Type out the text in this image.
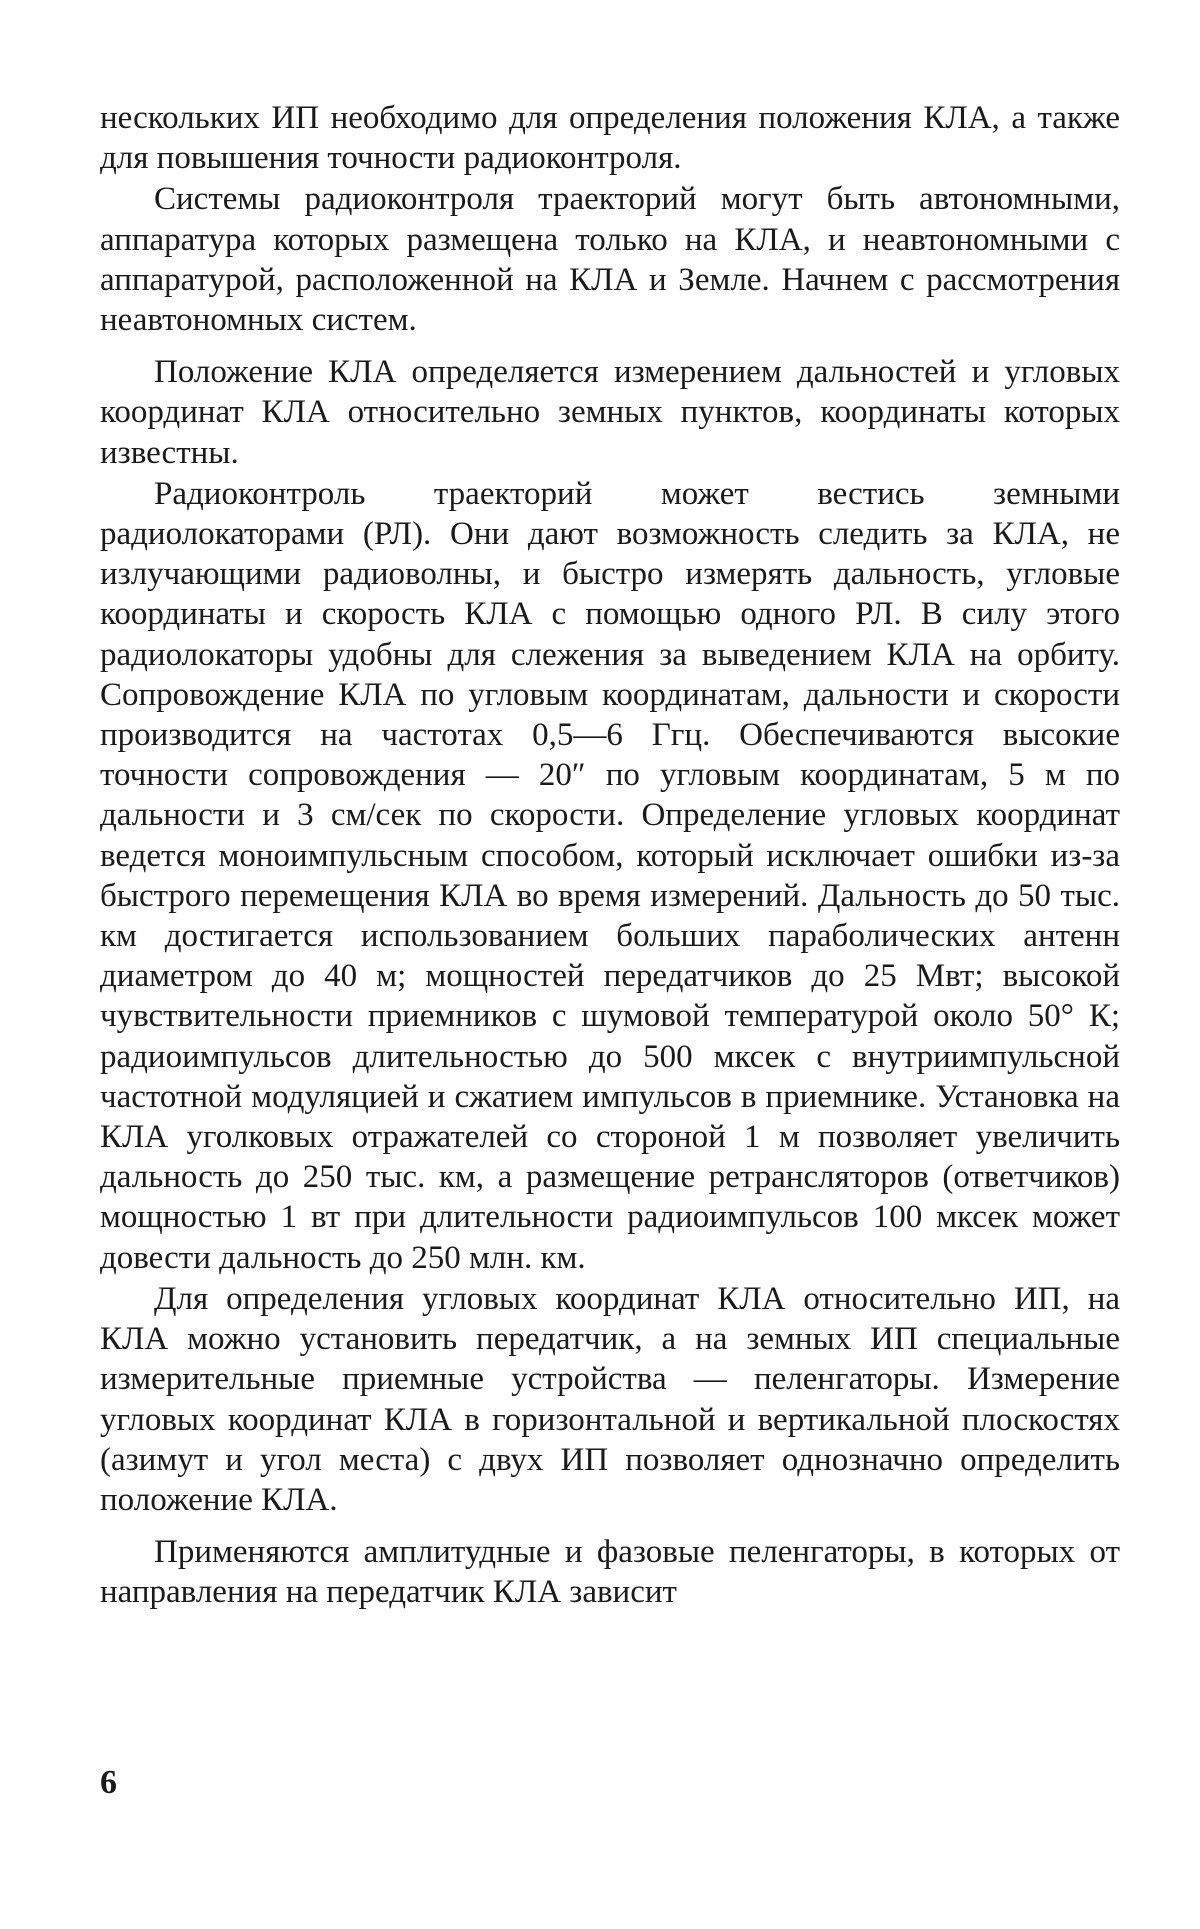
нескольких ИП необходимо для определения положения КЛА, а также для повышения точности радиоконтроля.

Системы радиоконтроля траекторий могут быть автономными, аппаратура которых размещена только на КЛА, и неавтономными с аппаратурой, расположенной на КЛА и Земле. Начнем с рассмотрения неавтономных систем.

Положение КЛА определяется измерением дальностей и угловых координат КЛА относительно земных пунктов, координаты которых известны.

Радиоконтроль траекторий может вестись земными радиолокаторами (РЛ). Они дают возможность следить за КЛА, не излучающими радиоволны, и быстро измерять дальность, угловые координаты и скорость КЛА с помощью одного РЛ. В силу этого радиолокаторы удобны для слежения за выведением КЛА на орбиту. Сопровождение КЛА по угловым координатам, дальности и скорости производится на частотах 0,5—6 Ггц. Обеспечиваются высокие точности сопровождения — 20″ по угловым координатам, 5 м по дальности и 3 см/сек по скорости. Определение угловых координат ведется моноимпульсным способом, который исключает ошибки из-за быстрого перемещения КЛА во время измерений. Дальность до 50 тыс. км достигается использованием больших параболических антенн диаметром до 40 м; мощностей передатчиков до 25 Мвт; высокой чувствительности приемников с шумовой температурой около 50° К; радиоимпульсов длительностью до 500 мксек с внутриимпульсной частотной модуляцией и сжатием импульсов в приемнике. Установка на КЛА уголковых отражателей со стороной 1 м позволяет увеличить дальность до 250 тыс. км, а размещение ретрансляторов (ответчиков) мощностью 1 вт при длительности радиоимпульсов 100 мксек может довести дальность до 250 млн. км.

Для определения угловых координат КЛА относительно ИП, на КЛА можно установить передатчик, а на земных ИП специальные измерительные приемные устройства — пеленгаторы. Измерение угловых координат КЛА в горизонтальной и вертикальной плоскостях (азимут и угол места) с двух ИП позволяет однозначно определить положение КЛА.

Применяются амплитудные и фазовые пеленгаторы, в которых от направления на передатчик КЛА зависит

6
